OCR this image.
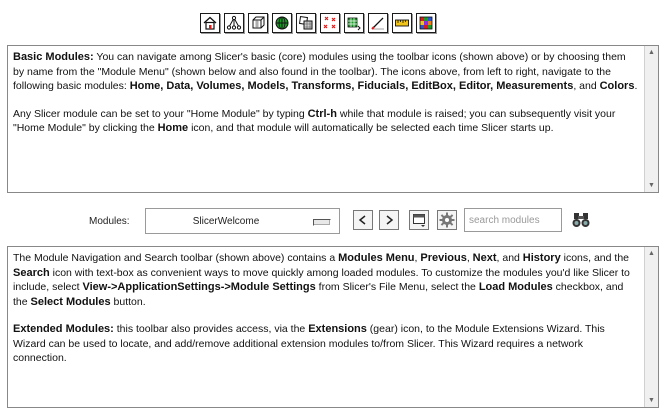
Basic Modules: You can navigate among Slicer's basic (core) modules using the toolbar icons (shown above) or by choosing them by name from the "Module Menu" (shown below and also found in the toolbar). The icons above, from left to right, navigate to the following basic modules: Home, Data, Volumes, Models, Transforms, Fiducials, EditBox, Editor, Measurements, and Colors.

Any Slicer module can be set to your "Home Module" by typing Ctrl-h while that module is raised; you can subsequently visit your "Home Module" by clicking the Home icon, and that module will automatically be selected each time Slicer starts up.

▲
▼
Modules:	SlicerWelcome
search modules

The Module Navigation and Search toolbar (shown above) contains a Modules Menu, Previous, Next, and History icons, and the Search icon with text-box as convenient ways to move quickly among loaded modules. To customize the modules you'd like Slicer to include, select View->ApplicationSettings->Module Settings from Slicer's File Menu, select the Load Modules checkbox, and the Select Modules button.

Extended Modules: this toolbar also provides access, via the Extensions (gear) icon, to the Module Extensions Wizard. This Wizard can be used to locate, and add/remove additional extension modules to/from Slicer. This Wizard requires a network connection.

▲
▼
